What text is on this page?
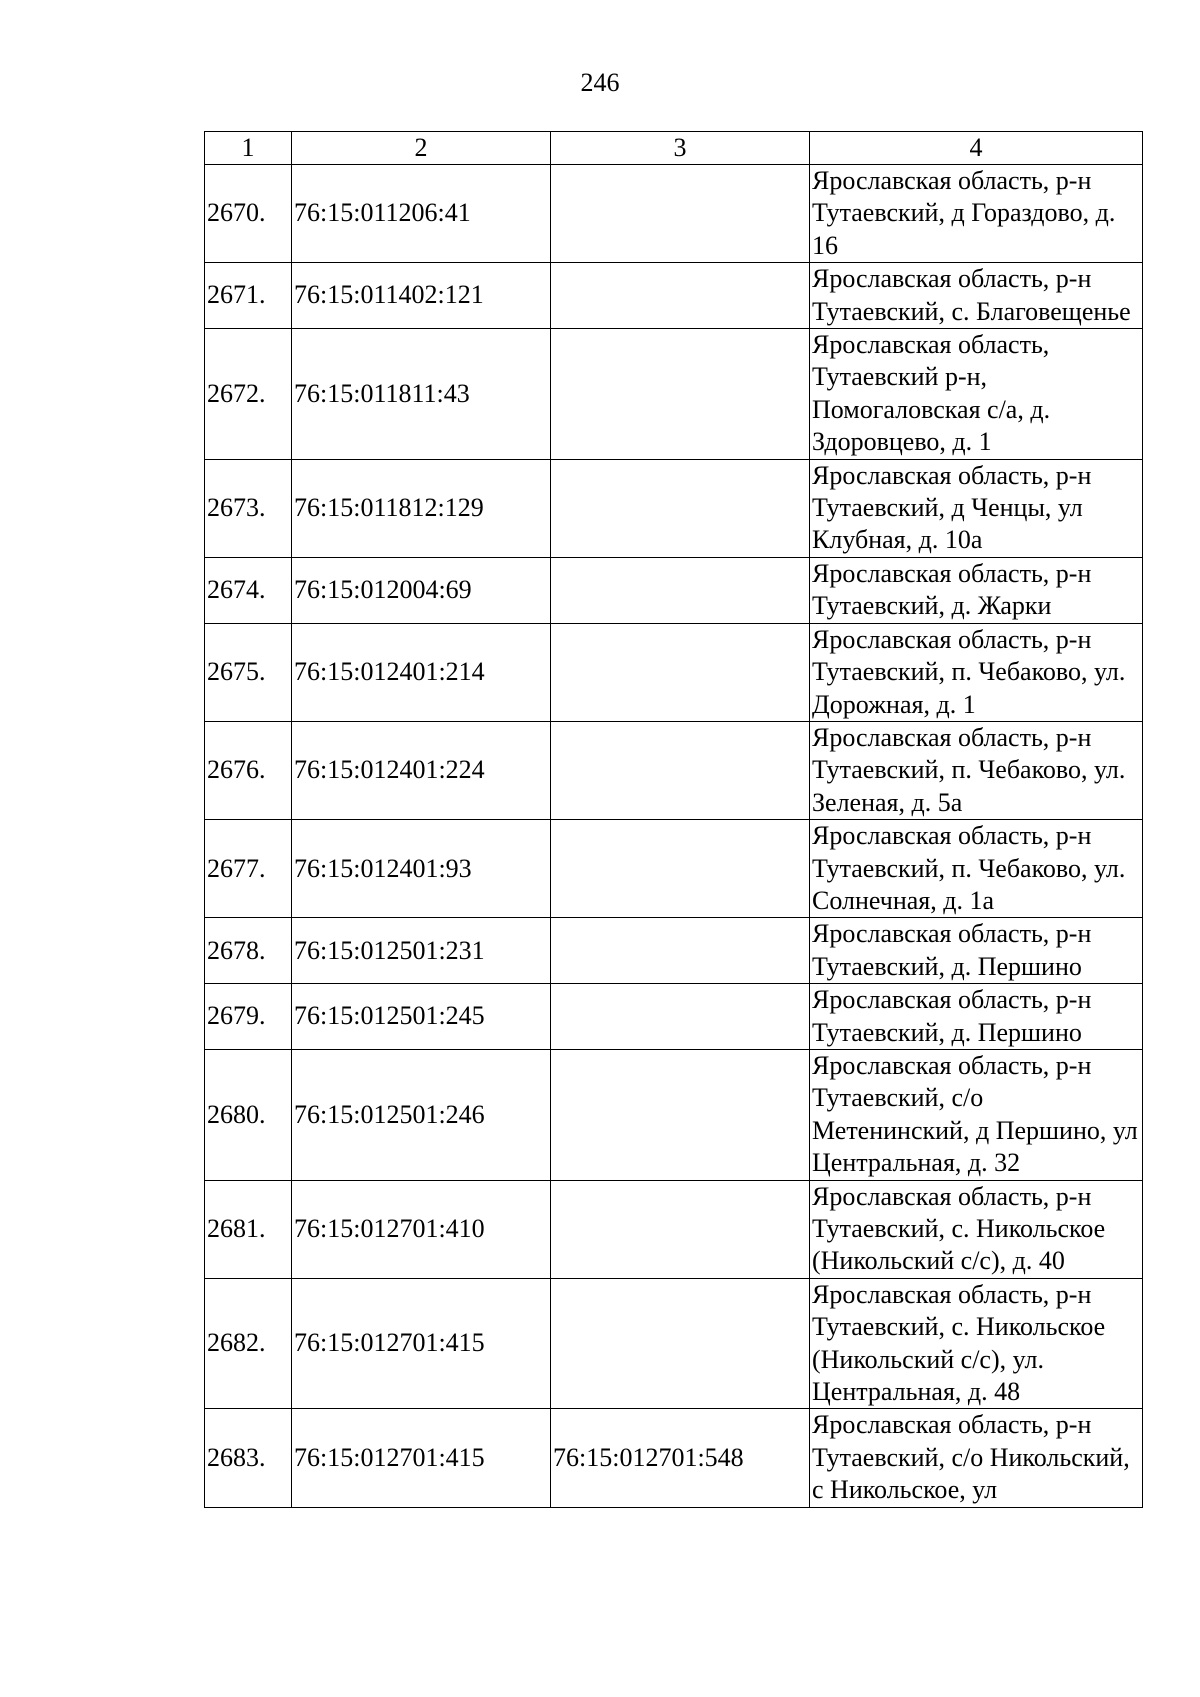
246
1	2	3	4
2670.	76:15:011206:41		Ярославская область, р-н Тутаевский, д Гораздово, д. 16
2671.	76:15:011402:121		Ярославская область, р-н Тутаевский, с. Благовещенье
2672.	76:15:011811:43		Ярославская область, Тутаевский р-н, Помогаловская с/а, д. Здоровцево, д. 1
2673.	76:15:011812:129		Ярославская область, р-н Тутаевский, д Ченцы, ул Клубная, д. 10а
2674.	76:15:012004:69		Ярославская область, р-н Тутаевский, д. Жарки
2675.	76:15:012401:214		Ярославская область, р-н Тутаевский, п. Чебаково, ул. Дорожная, д. 1
2676.	76:15:012401:224		Ярославская область, р-н Тутаевский, п. Чебаково, ул. Зеленая, д. 5а
2677.	76:15:012401:93		Ярославская область, р-н Тутаевский, п. Чебаково, ул. Солнечная, д. 1а
2678.	76:15:012501:231		Ярославская область, р-н Тутаевский, д. Першино
2679.	76:15:012501:245		Ярославская область, р-н Тутаевский, д. Першино
2680.	76:15:012501:246		Ярославская область, р-н Тутаевский, с/о Метенинский, д Першино, ул Центральная, д. 32
2681.	76:15:012701:410		Ярославская область, р-н Тутаевский, с. Никольское (Никольский с/с), д. 40
2682.	76:15:012701:415		Ярославская область, р-н Тутаевский, с. Никольское (Никольский с/с), ул. Центральная, д. 48
2683.	76:15:012701:415	76:15:012701:548	Ярославская область, р-н Тутаевский, с/о Никольский, с Никольское, ул
